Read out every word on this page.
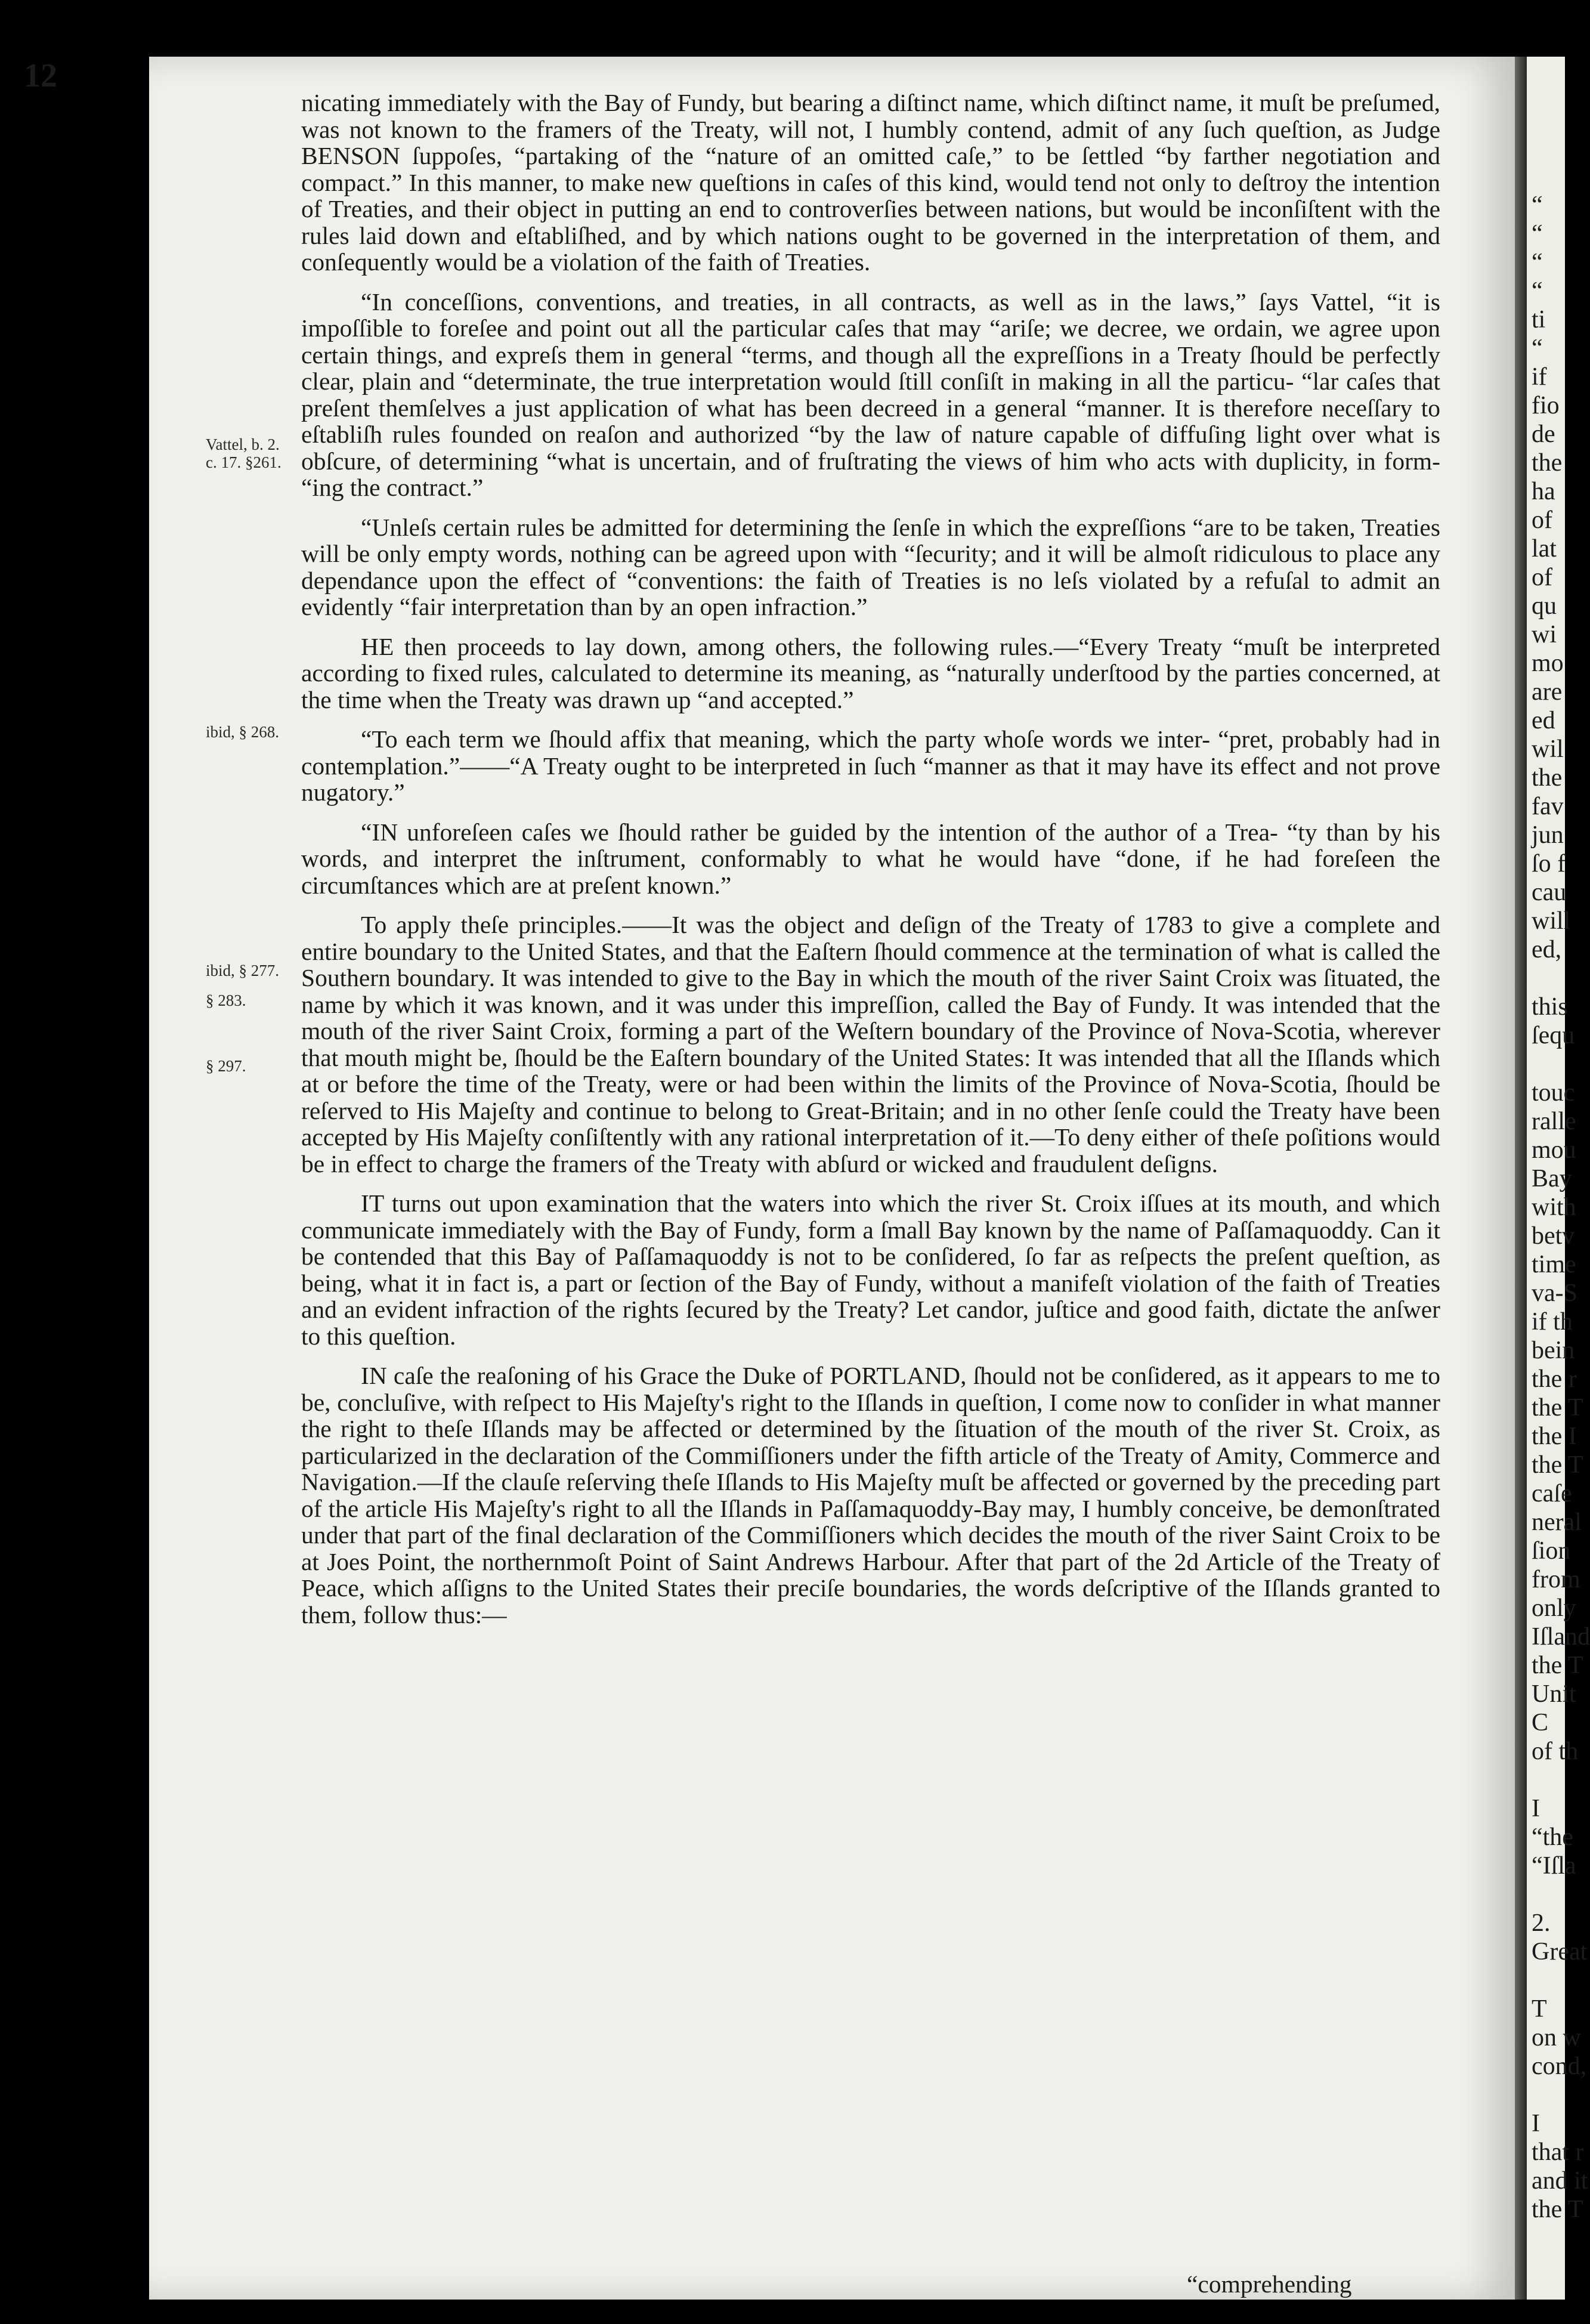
“
“
“
“
ti
“
if
fio
de
the
ha
of
lat
of
qu
wi
mo
are
ed
wil
the
fav
jun
ſo f
cau
will
ed,
this
ſequ
touc
ralle
mou
Bay
with
betv
time
va-S
if th
bein
the r
the T
the I
the T
caſe
neral
ſion
from
only
Iſland
the T
Unit
C
of th
I
“the
“Iſla
2.
Great
T
on w
cond,
I
that r
and it
the T
12

nicating immediately with the Bay of Fundy, but bearing a diſtinct name, which diſtinct name, it muſt be preſumed, was not known to the framers of the Treaty, will not, I humbly contend, admit of any ſuch queſtion, as Judge BENSON ſuppoſes, “partaking of the “nature of an omitted caſe,” to be ſettled “by farther negotiation and compact.” In this manner, to make new queſtions in caſes of this kind, would tend not only to deſtroy the intention of Treaties, and their object in putting an end to controverſies between nations, but would be inconſiſtent with the rules laid down and eſtabliſhed, and by which nations ought to be governed in the interpretation of them, and conſequently would be a violation of the faith of Treaties.

“In conceſſions, conventions, and treaties, in all contracts, as well as in the laws,” ſays Vattel, “it is impoſſible to foreſee and point out all the particular caſes that may “ariſe; we decree, we ordain, we agree upon certain things, and expreſs them in general “terms, and though all the expreſſions in a Treaty ſhould be perfectly clear, plain and “determinate, the true interpretation would ſtill conſiſt in making in all the particu- “lar caſes that preſent themſelves a just application of what has been decreed in a general “manner. It is therefore neceſſary to eſtabliſh rules founded on reaſon and authorized “by the law of nature capable of diffuſing light over what is obſcure, of determining “what is uncertain, and of fruſtrating the views of him who acts with duplicity, in form- “ing the contract.”

“Unleſs certain rules be admitted for determining the ſenſe in which the expreſſions “are to be taken, Treaties will be only empty words, nothing can be agreed upon with “ſecurity; and it will be almoſt ridiculous to place any dependance upon the effect of “conventions: the faith of Treaties is no leſs violated by a refuſal to admit an evidently “fair interpretation than by an open infraction.”

HE then proceeds to lay down, among others, the following rules.—“Every Treaty “muſt be interpreted according to fixed rules, calculated to determine its meaning, as “naturally underſtood by the parties concerned, at the time when the Treaty was drawn up “and accepted.”

“To each term we ſhould affix that meaning, which the party whoſe words we inter- “pret, probably had in contemplation.”——“A Treaty ought to be interpreted in ſuch “manner as that it may have its effect and not prove nugatory.”

“IN unforeſeen caſes we ſhould rather be guided by the intention of the author of a Trea- “ty than by his words, and interpret the inſtrument, conformably to what he would have “done, if he had foreſeen the circumſtances which are at preſent known.”

To apply theſe principles.——It was the object and deſign of the Treaty of 1783 to give a complete and entire boundary to the United States, and that the Eaſtern ſhould commence at the termination of what is called the Southern boundary. It was intended to give to the Bay in which the mouth of the river Saint Croix was ſituated, the name by which it was known, and it was under this impreſſion, called the Bay of Fundy. It was intended that the mouth of the river Saint Croix, forming a part of the Weſtern boundary of the Province of Nova-Scotia, wherever that mouth might be, ſhould be the Eaſtern boundary of the United States: It was intended that all the Iſlands which at or before the time of the Treaty, were or had been within the limits of the Province of Nova-Scotia, ſhould be reſerved to His Majeſty and continue to belong to Great-Britain; and in no other ſenſe could the Treaty have been accepted by His Majeſty conſiſtently with any rational interpretation of it.—To deny either of theſe poſitions would be in effect to charge the framers of the Treaty with abſurd or wicked and fraudulent deſigns.

IT turns out upon examination that the waters into which the river St. Croix iſſues at its mouth, and which communicate immediately with the Bay of Fundy, form a ſmall Bay known by the name of Paſſamaquoddy. Can it be contended that this Bay of Paſſamaquoddy is not to be conſidered, ſo far as reſpects the preſent queſtion, as being, what it in fact is, a part or ſection of the Bay of Fundy, without a manifeſt violation of the faith of Treaties and an evident infraction of the rights ſecured by the Treaty? Let candor, juſtice and good faith, dictate the anſwer to this queſtion.

IN caſe the reaſoning of his Grace the Duke of PORTLAND, ſhould not be conſidered, as it appears to me to be, concluſive, with reſpect to His Majeſty's right to the Iſlands in queſtion, I come now to conſider in what manner the right to theſe Iſlands may be affected or determined by the ſituation of the mouth of the river St. Croix, as particularized in the declaration of the Commiſſioners under the fifth article of the Treaty of Amity, Commerce and Navigation.—If the clauſe reſerving theſe Iſlands to His Majeſty muſt be affected or governed by the preceding part of the article His Majeſty's right to all the Iſlands in Paſſamaquoddy-Bay may, I humbly conceive, be demonſtrated under that part of the final declaration of the Commiſſioners which decides the mouth of the river Saint Croix to be at Joes Point, the northernmoſt Point of Saint Andrews Harbour. After that part of the 2d Article of the Treaty of Peace, which aſſigns to the United States their preciſe boundaries, the words deſcriptive of the Iſlands granted to them, follow thus:—

Vattel, b. 2.
c. 17. §261.
ibid, § 268.
ibid, § 277.
§ 283.
§ 297.
“comprehending
